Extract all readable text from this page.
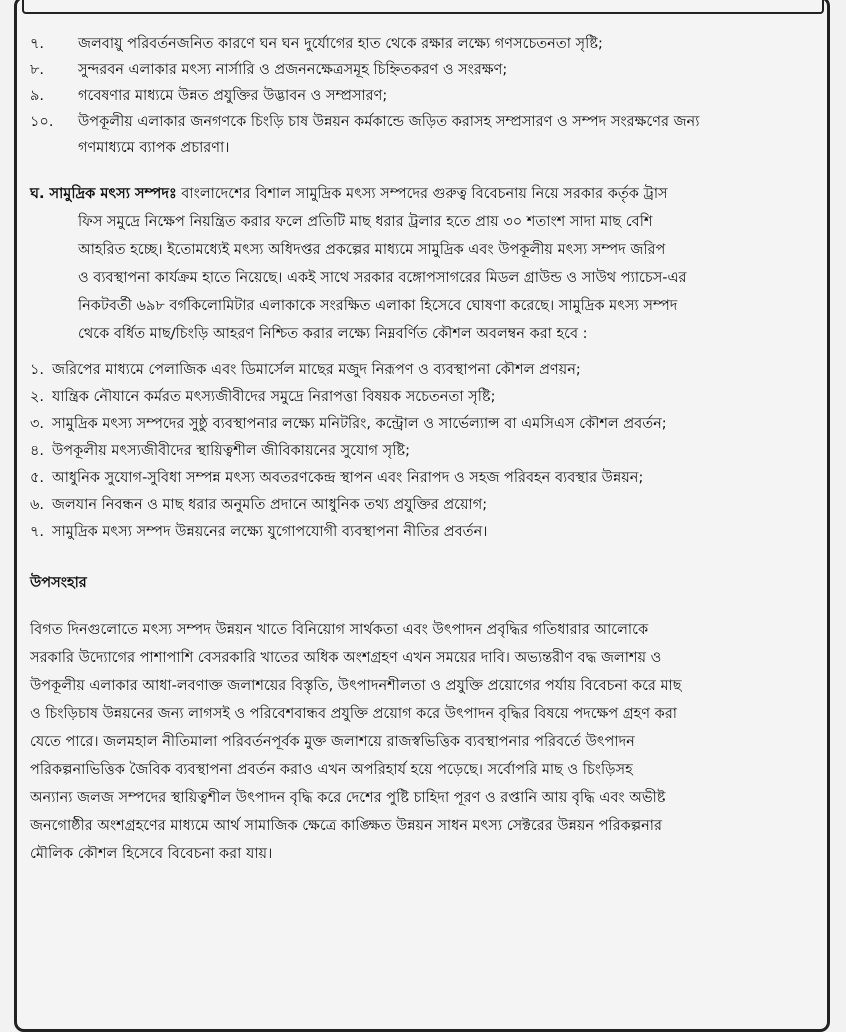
৭.	জলবায়ু পরিবর্তনজনিত কারণে ঘন ঘন দুর্যোগের হাত থেকে রক্ষার লক্ষ্যে গণসচেতনতা সৃষ্টি;
৮.	সুন্দরবন এলাকার মৎস্য নার্সারি ও প্রজননক্ষেত্রসমূহ চিহ্নিতকরণ ও সংরক্ষণ;
৯.	গবেষণার মাধ্যমে উন্নত প্রযুক্তির উদ্ভাবন ও সম্প্রসারণ;
১০.	উপকূলীয় এলাকার জনগণকে চিংড়ি চাষ উন্নয়ন কর্মকান্ডে জড়িত করাসহ সম্প্রসারণ ও সম্পদ সংরক্ষণের জন্য
গণমাধ্যমে ব্যাপক প্রচারণা।
ঘ. সামুদ্রিক মৎস্য সম্পদঃ বাংলাদেশের বিশাল সামুদ্রিক মৎস্য সম্পদের গুরুত্ব বিবেচনায় নিয়ে সরকার কর্তৃক ট্রাস
ফিস সমুদ্রে নিক্ষেপ নিয়ন্ত্রিত করার ফলে প্রতিটি মাছ ধরার ট্রলার হতে প্রায় ৩০ শতাংশ সাদা মাছ বেশি
আহরিত হচ্ছে। ইতোমধ্যেই মৎস্য অধিদপ্তর প্রকল্পের মাধ্যমে সামুদ্রিক এবং উপকূলীয় মৎস্য সম্পদ জরিপ
ও ব্যবস্থাপনা কার্যক্রম হাতে নিয়েছে। একই সাথে সরকার বঙ্গোপসাগরের মিডল গ্রাউন্ড ও সাউথ প্যাচেস-এর
নিকটবর্তী ৬৯৮ বর্গকিলোমিটার এলাকাকে সংরক্ষিত এলাকা হিসেবে ঘোষণা করেছে। সামুদ্রিক মৎস্য সম্পদ
থেকে বর্ধিত মাছ/চিংড়ি আহরণ নিশ্চিত করার লক্ষ্যে নিম্নবর্ণিত কৌশল অবলম্বন করা হবে :
১. জরিপের মাধ্যমে পেলাজিক এবং ডিমার্সেল মাছের মজুদ নিরূপণ ও ব্যবস্থাপনা কৌশল প্রণয়ন;
২. যান্ত্রিক নৌযানে কর্মরত মৎস্যজীবীদের সমুদ্রে নিরাপত্তা বিষয়ক সচেতনতা সৃষ্টি;
৩. সামুদ্রিক মৎস্য সম্পদের সুষ্ঠু ব্যবস্থাপনার লক্ষ্যে মনিটরিং, কন্ট্রোল ও সার্ভেল্যান্স বা এমসিএস কৌশল প্রবর্তন;
৪. উপকূলীয় মৎস্যজীবীদের স্থায়িত্বশীল জীবিকায়নের সুযোগ সৃষ্টি;
৫. আধুনিক সুযোগ-সুবিধা সম্পন্ন মৎস্য অবতরণকেন্দ্র স্থাপন এবং নিরাপদ ও সহজ পরিবহন ব্যবস্থার উন্নয়ন;
৬. জলযান নিবন্ধন ও মাছ ধরার অনুমতি প্রদানে আধুনিক তথ্য প্রযুক্তির প্রয়োগ;
৭. সামুদ্রিক মৎস্য সম্পদ উন্নয়নের লক্ষ্যে যুগোপযোগী ব্যবস্থাপনা নীতির প্রবর্তন।
উপসংহার
বিগত দিনগুলোতে মৎস্য সম্পদ উন্নয়ন খাতে বিনিয়োগ সার্থকতা এবং উৎপাদন প্রবৃদ্ধির গতিধারার আলোকে
সরকারি উদ্যোগের পাশাপাশি বেসরকারি খাতের অধিক অংশগ্রহণ এখন সময়ের দাবি। অভ্যন্তরীণ বদ্ধ জলাশয় ও
উপকূলীয় এলাকার আধা-লবণাক্ত জলাশয়ের বিস্তৃতি, উৎপাদনশীলতা ও প্রযুক্তি প্রয়োগের পর্যায় বিবেচনা করে মাছ
ও চিংড়িচাষ উন্নয়নের জন্য লাগসই ও পরিবেশবান্ধব প্রযুক্তি প্রয়োগ করে উৎপাদন বৃদ্ধির বিষয়ে পদক্ষেপ গ্রহণ করা
যেতে পারে। জলমহাল নীতিমালা পরিবর্তনপূর্বক মুক্ত জলাশয়ে রাজস্বভিত্তিক ব্যবস্থাপনার পরিবর্তে উৎপাদন
পরিকল্পনাভিত্তিক জৈবিক ব্যবস্থাপনা প্রবর্তন করাও এখন অপরিহার্য হয়ে পড়েছে। সর্বোপরি মাছ ও চিংড়িসহ
অন্যান্য জলজ সম্পদের স্থায়িত্বশীল উৎপাদন বৃদ্ধি করে দেশের পুষ্টি চাহিদা পূরণ ও রপ্তানি আয় বৃদ্ধি এবং অভীষ্ট
জনগোষ্ঠীর অংশগ্রহণের মাধ্যমে আর্থ সামাজিক ক্ষেত্রে কাঙ্ক্ষিত উন্নয়ন সাধন মৎস্য সেক্টরের উন্নয়ন পরিকল্পনার
মৌলিক কৌশল হিসেবে বিবেচনা করা যায়।
